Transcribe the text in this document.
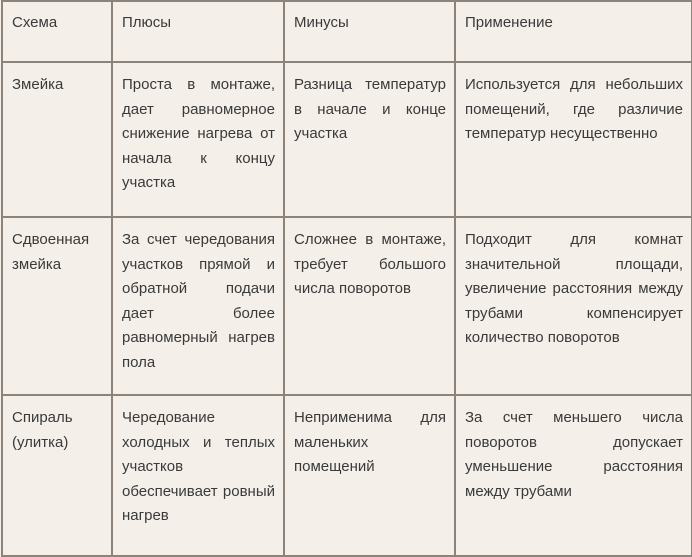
Схема	Плюсы	Минусы	Применение
Змейка	Проста в монтаже, дает равномерное снижение нагрева от начала к концу участка	Разница температур в начале и конце участка	Используется для небольших помещений, где различие температур несущественно
Сдвоенная змейка	За счет чередования участков прямой и обратной подачи дает более равномерный нагрев пола	Сложнее в монтаже, требует большого числа поворотов	Подходит для комнат значительной площади, увеличение расстояния между трубами компенсирует количество поворотов
Спираль (улитка)	Чередование холодных и теплых участков обеспечивает ровный нагрев	Неприменима для маленьких помещений	За счет меньшего числа поворотов допускает уменьшение расстояния между трубами
